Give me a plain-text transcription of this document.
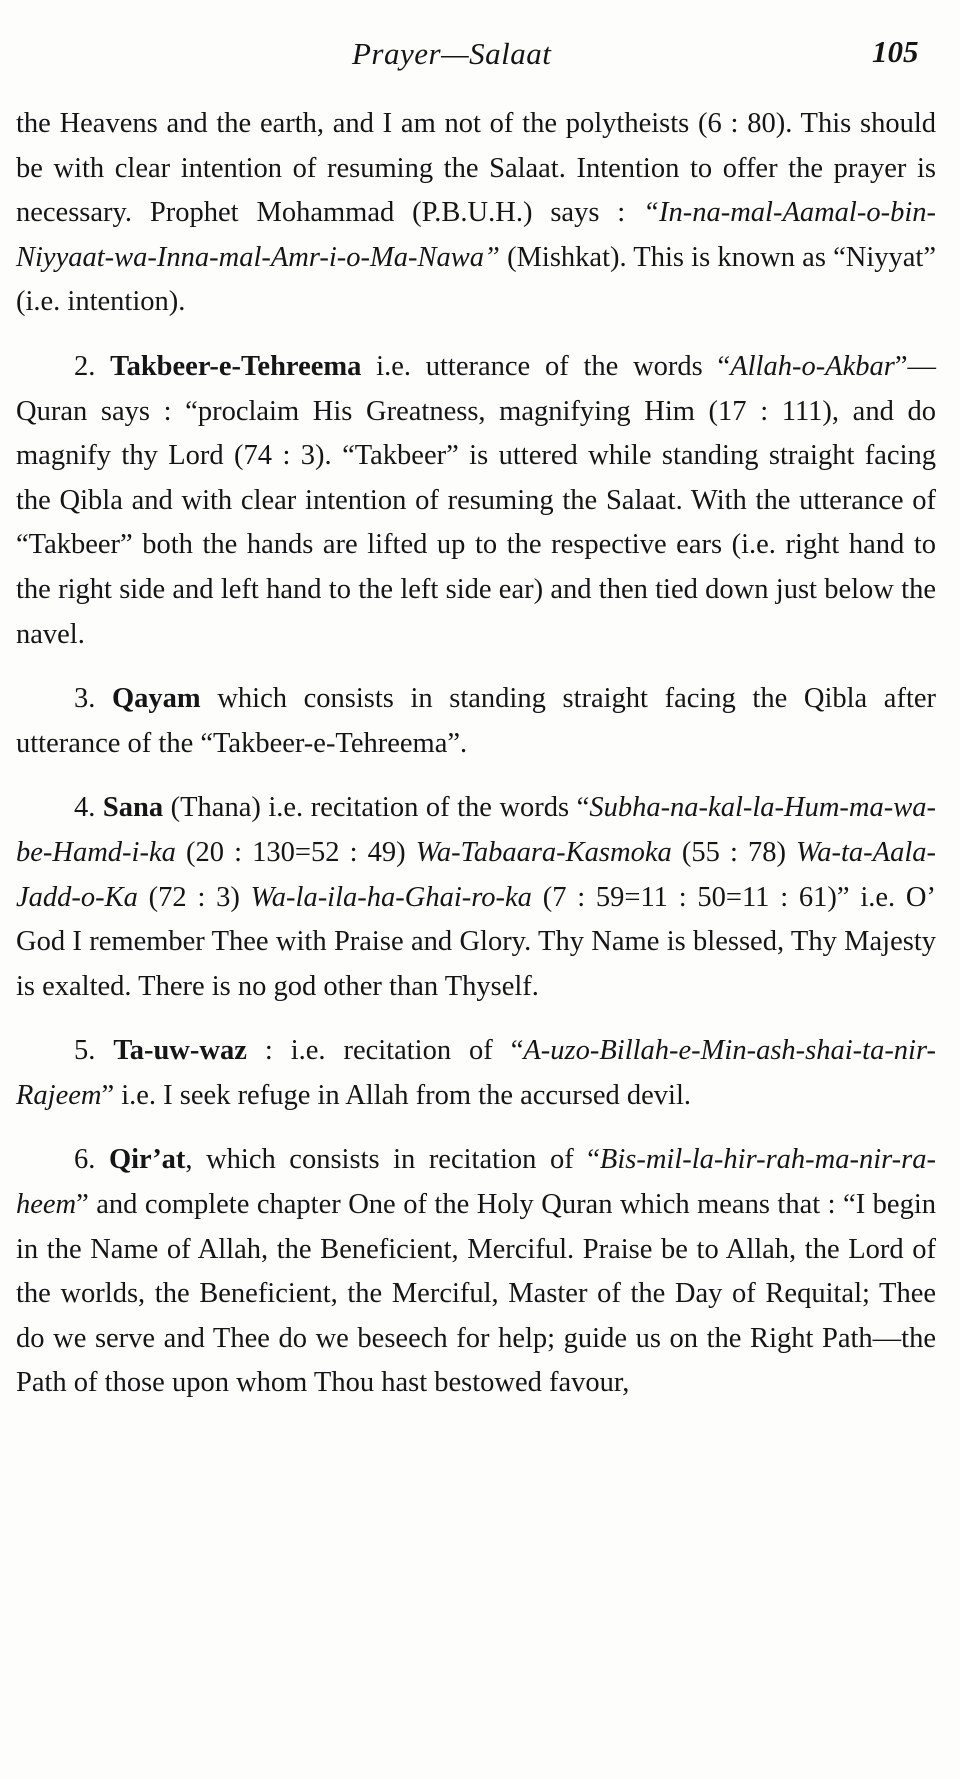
Prayer—Salaat	105

the Heavens and the earth, and I am not of the polytheists (6 : 80). This should be with clear intention of resuming the Salaat. Intention to offer the prayer is necessary. Prophet Mohammad (P.B.U.H.) says : “In-na-mal-Aamal-o-bin-Niyyaat-wa-Inna-mal-Amr-i-o-Ma-Nawa” (Mishkat). This is known as “Niyyat” (i.e. intention).

2. Takbeer-e-Tehreema i.e. utterance of the words “Allah-o-Akbar”—Quran says : “proclaim His Greatness, magnifying Him (17 : 111), and do magnify thy Lord (74 : 3). “Takbeer” is uttered while standing straight facing the Qibla and with clear intention of resuming the Salaat. With the utterance of “Takbeer” both the hands are lifted up to the respective ears (i.e. right hand to the right side and left hand to the left side ear) and then tied down just below the navel.

3. Qayam which consists in standing straight facing the Qibla after utterance of the “Takbeer-e-Tehreema”.

4. Sana (Thana) i.e. recitation of the words “Subha-na-kal-la-Hum-ma-wa-be-Hamd-i-ka (20 : 130=52 : 49) Wa-Tabaara-Kasmoka (55 : 78) Wa-ta-Aala-Jadd-o-Ka (72 : 3) Wa-la-ila-ha-Ghai-ro-ka (7 : 59=11 : 50=11 : 61)” i.e. O’ God I remember Thee with Praise and Glory. Thy Name is blessed, Thy Majesty is exalted. There is no god other than Thyself.

5. Ta-uw-waz : i.e. recitation of “A-uzo-Billah-e-Min-ash-shai-ta-nir-Rajeem” i.e. I seek refuge in Allah from the accursed devil.

6. Qir’at, which consists in recitation of “Bis-mil-la-hir-rah-ma-nir-ra-heem” and complete chapter One of the Holy Quran which means that : “I begin in the Name of Allah, the Beneficient, Merciful. Praise be to Allah, the Lord of the worlds, the Beneficient, the Merciful, Master of the Day of Requital; Thee do we serve and Thee do we beseech for help; guide us on the Right Path—the Path of those upon whom Thou hast bestowed favour,
